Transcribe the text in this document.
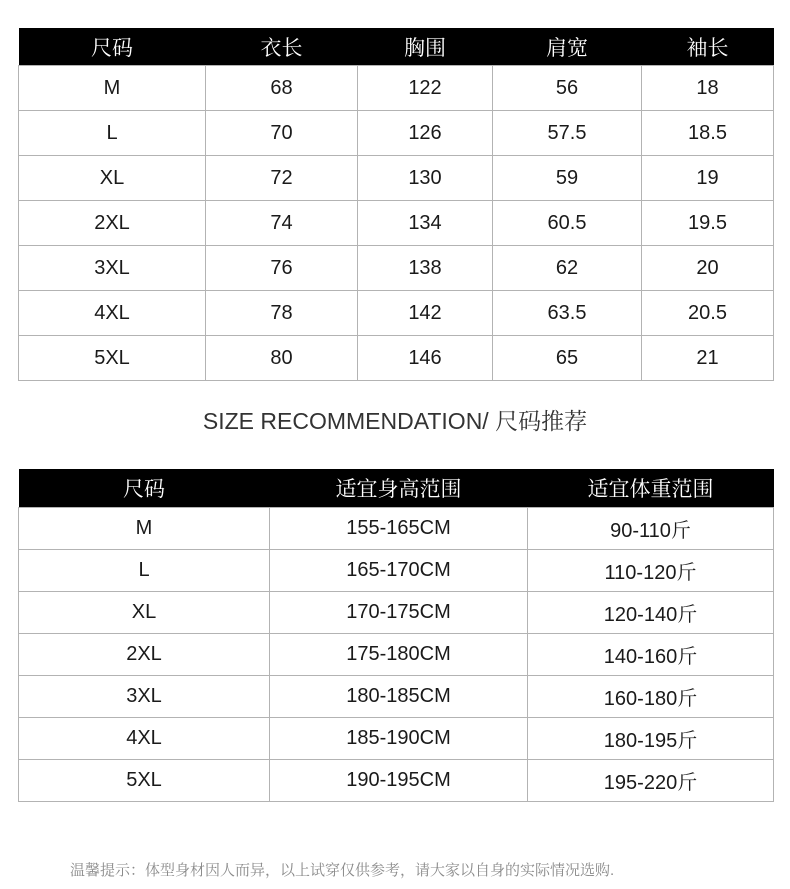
尺码	衣长	胸围	肩宽	袖长
M	68	122	56	18
L	70	126	57.5	18.5
XL	72	130	59	19
2XL	74	134	60.5	19.5
3XL	76	138	62	20
4XL	78	142	63.5	20.5
5XL	80	146	65	21
SIZE RECOMMENDATION/ 尺码推荐
尺码	适宜身高范围	适宜体重范围
M	155-165CM	90-110斤
L	165-170CM	110-120斤
XL	170-175CM	120-140斤
2XL	175-180CM	140-160斤
3XL	180-185CM	160-180斤
4XL	185-190CM	180-195斤
5XL	190-195CM	195-220斤
温馨提示：体型身材因人而异，以上试穿仅供参考，请大家以自身的实际情况选购.
